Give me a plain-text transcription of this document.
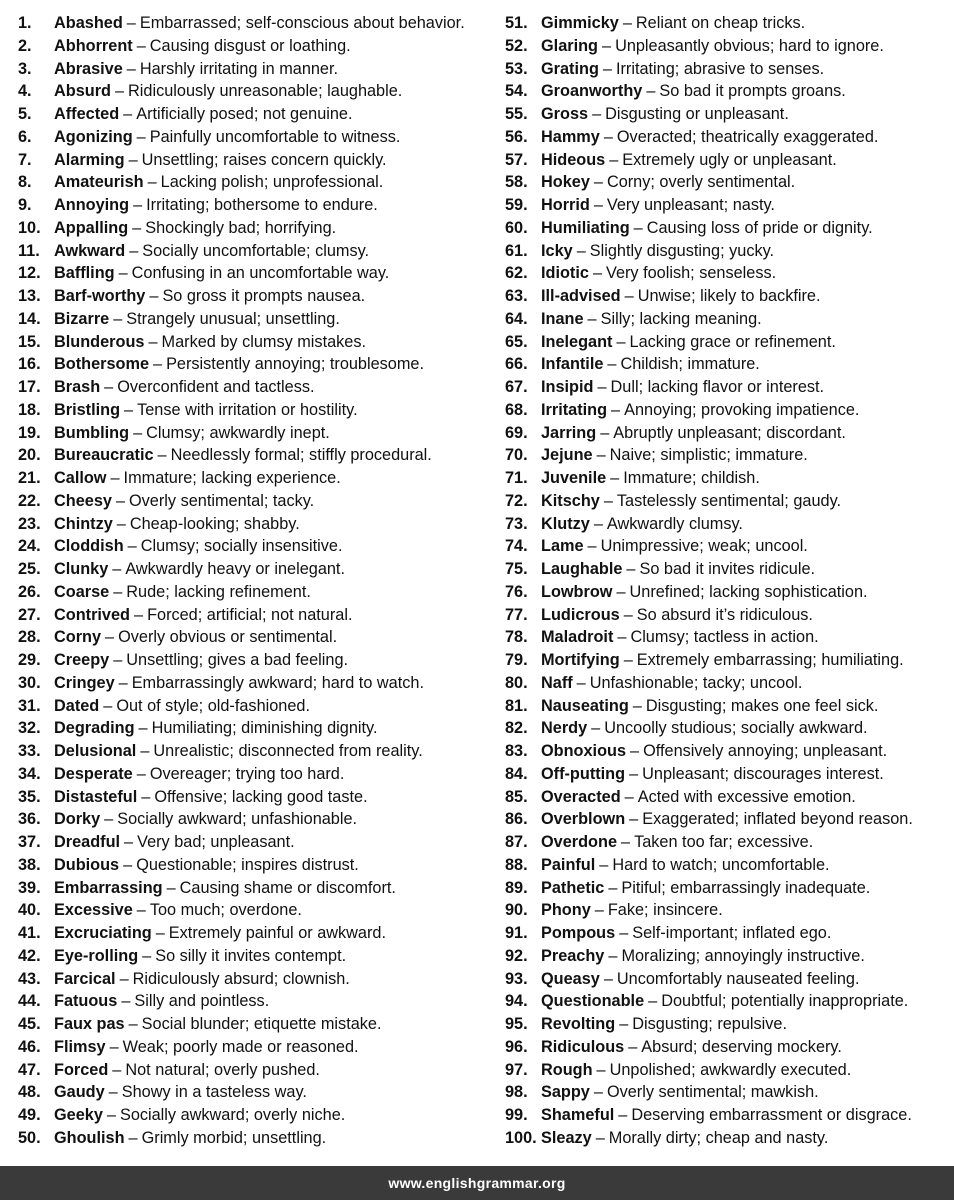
1.	Abashed – Embarrassed; self-conscious about behavior.
2.	Abhorrent – Causing disgust or loathing.
3.	Abrasive – Harshly irritating in manner.
4.	Absurd – Ridiculously unreasonable; laughable.
5.	Affected – Artificially posed; not genuine.
6.	Agonizing – Painfully uncomfortable to witness.
7.	Alarming – Unsettling; raises concern quickly.
8.	Amateurish – Lacking polish; unprofessional.
9.	Annoying – Irritating; bothersome to endure.
10. Appalling – Shockingly bad; horrifying.
11. Awkward – Socially uncomfortable; clumsy.
12. Baffling – Confusing in an uncomfortable way.
13. Barf-worthy – So gross it prompts nausea.
14. Bizarre – Strangely unusual; unsettling.
15. Blunderous – Marked by clumsy mistakes.
16. Bothersome – Persistently annoying; troublesome.
17. Brash – Overconfident and tactless.
18. Bristling – Tense with irritation or hostility.
19. Bumbling – Clumsy; awkwardly inept.
20. Bureaucratic – Needlessly formal; stiffly procedural.
21. Callow – Immature; lacking experience.
22. Cheesy – Overly sentimental; tacky.
23. Chintzy – Cheap-looking; shabby.
24. Cloddish – Clumsy; socially insensitive.
25. Clunky – Awkwardly heavy or inelegant.
26. Coarse – Rude; lacking refinement.
27. Contrived – Forced; artificial; not natural.
28. Corny – Overly obvious or sentimental.
29. Creepy – Unsettling; gives a bad feeling.
30. Cringey – Embarrassingly awkward; hard to watch.
31. Dated – Out of style; old-fashioned.
32. Degrading – Humiliating; diminishing dignity.
33. Delusional – Unrealistic; disconnected from reality.
34. Desperate – Overeager; trying too hard.
35. Distasteful – Offensive; lacking good taste.
36. Dorky – Socially awkward; unfashionable.
37. Dreadful – Very bad; unpleasant.
38. Dubious – Questionable; inspires distrust.
39. Embarrassing – Causing shame or discomfort.
40. Excessive – Too much; overdone.
41. Excruciating – Extremely painful or awkward.
42. Eye-rolling – So silly it invites contempt.
43. Farcical – Ridiculously absurd; clownish.
44. Fatuous – Silly and pointless.
45. Faux pas – Social blunder; etiquette mistake.
46. Flimsy – Weak; poorly made or reasoned.
47. Forced – Not natural; overly pushed.
48. Gaudy – Showy in a tasteless way.
49. Geeky – Socially awkward; overly niche.
50. Ghoulish – Grimly morbid; unsettling.
51. Gimmicky – Reliant on cheap tricks.
52. Glaring – Unpleasantly obvious; hard to ignore.
53. Grating – Irritating; abrasive to senses.
54. Groanworthy – So bad it prompts groans.
55. Gross – Disgusting or unpleasant.
56. Hammy – Overacted; theatrically exaggerated.
57. Hideous – Extremely ugly or unpleasant.
58. Hokey – Corny; overly sentimental.
59. Horrid – Very unpleasant; nasty.
60. Humiliating – Causing loss of pride or dignity.
61. Icky – Slightly disgusting; yucky.
62. Idiotic – Very foolish; senseless.
63. Ill-advised – Unwise; likely to backfire.
64. Inane – Silly; lacking meaning.
65. Inelegant – Lacking grace or refinement.
66. Infantile – Childish; immature.
67. Insipid – Dull; lacking flavor or interest.
68. Irritating – Annoying; provoking impatience.
69. Jarring – Abruptly unpleasant; discordant.
70. Jejune – Naive; simplistic; immature.
71. Juvenile – Immature; childish.
72. Kitschy – Tastelessly sentimental; gaudy.
73. Klutzy – Awkwardly clumsy.
74. Lame – Unimpressive; weak; uncool.
75. Laughable – So bad it invites ridicule.
76. Lowbrow – Unrefined; lacking sophistication.
77. Ludicrous – So absurd it’s ridiculous.
78. Maladroit – Clumsy; tactless in action.
79. Mortifying – Extremely embarrassing; humiliating.
80. Naff – Unfashionable; tacky; uncool.
81. Nauseating – Disgusting; makes one feel sick.
82. Nerdy – Uncoolly studious; socially awkward.
83. Obnoxious – Offensively annoying; unpleasant.
84. Off-putting – Unpleasant; discourages interest.
85. Overacted – Acted with excessive emotion.
86. Overblown – Exaggerated; inflated beyond reason.
87. Overdone – Taken too far; excessive.
88. Painful – Hard to watch; uncomfortable.
89. Pathetic – Pitiful; embarrassingly inadequate.
90. Phony – Fake; insincere.
91. Pompous – Self-important; inflated ego.
92. Preachy – Moralizing; annoyingly instructive.
93. Queasy – Uncomfortably nauseated feeling.
94. Questionable – Doubtful; potentially inappropriate.
95. Revolting – Disgusting; repulsive.
96. Ridiculous – Absurd; deserving mockery.
97. Rough – Unpolished; awkwardly executed.
98. Sappy – Overly sentimental; mawkish.
99. Shameful – Deserving embarrassment or disgrace.
100. Sleazy – Morally dirty; cheap and nasty.
www.englishgrammar.org
